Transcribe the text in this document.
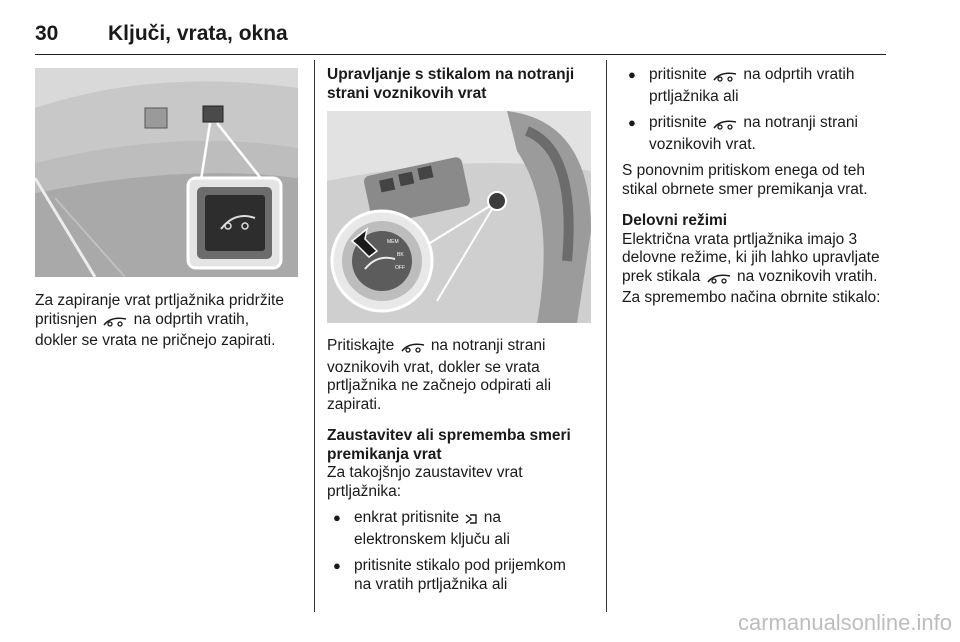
30 Ključi, vrata, okna

Za zapiranje vrat prtljažnika pridržite
pritisnjen na odprtih vratih,
dokler se vrata ne pričnejo zapirati.

Upravljanje s stikalom na notranji
strani voznikovih vrat
MEM
BK
OFF

Pritiskajte na notranji strani
voznikovih vrat, dokler se vrata
prtljažnika ne začnejo odpirati ali
zapirati.

Zaustavitev ali sprememba smeri
premikanja vrat

Za takojšnjo zaustavitev vrat
prtljažnika:

● enkrat pritisnite na
elektronskem ključu ali
● pritisnite stikalo pod prijemkom
na vratih prtljažnika ali
● pritisnite na odprtih vratih
prtljažnika ali
● pritisnite na notranji strani
voznikovih vrat.

S ponovnim pritiskom enega od teh
stikal obrnete smer premikanja vrat.

Delovni režimi

Električna vrata prtljažnika imajo 3
delovne režime, ki jih lahko upravljate
prek stikala na voznikovih vratih.
Za spremembo načina obrnite stikalo:

carmanualsonline.info
